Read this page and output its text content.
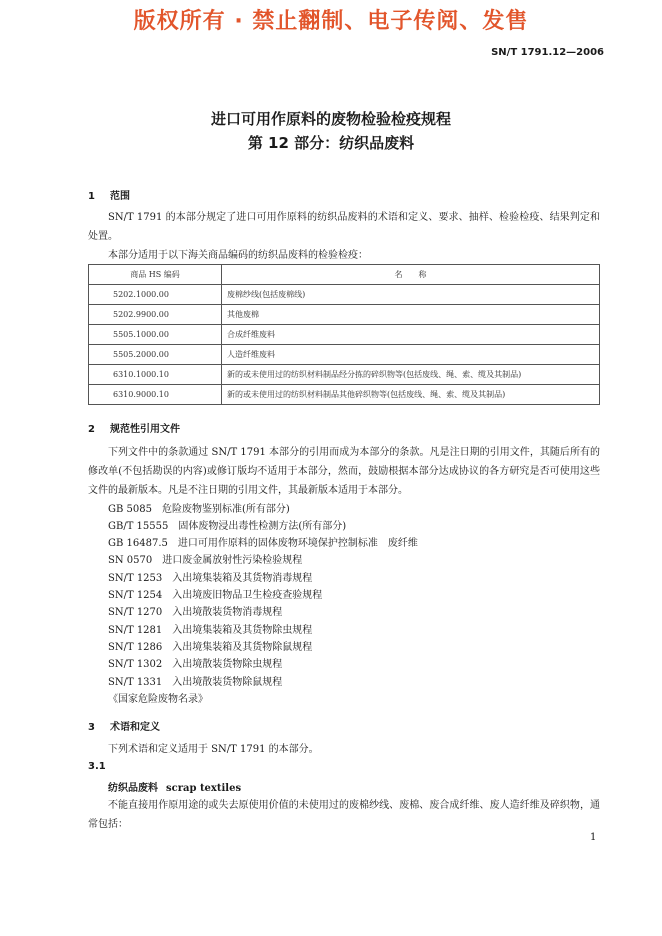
版权所有 · 禁止翻制、电子传阅、发售
SN/T 1791.12—2006
进口可用作原料的废物检验检疫规程
第 12 部分：纺织品废料
1 范围

SN/T 1791 的本部分规定了进口可用作原料的纺织品废料的术语和定义、要求、抽样、检验检疫、结果判定和处置。

本部分适用于以下海关商品编码的纺织品废料的检验检疫：

商品 HS 编码	名　　称
5202.1000.00	废棉纱线(包括废棉线)
5202.9900.00	其他废棉
5505.1000.00	合成纤维废料
5505.2000.00	人造纤维废料
6310.1000.10	新的或未使用过的纺织材料制品经分拣的碎织物等(包括废线、绳、索、缆及其制品)
6310.9000.10	新的或未使用过的纺织材料制品其他碎织物等(包括废线、绳、索、缆及其制品)
2 规范性引用文件

下列文件中的条款通过 SN/T 1791 本部分的引用而成为本部分的条款。凡是注日期的引用文件，其随后所有的修改单(不包括勘误的内容)或修订版均不适用于本部分，然而，鼓励根据本部分达成协议的各方研究是否可使用这些文件的最新版本。凡是不注日期的引用文件，其最新版本适用于本部分。

GB 5085　危险废物鉴别标准(所有部分)
GB/T 15555　固体废物浸出毒性检测方法(所有部分)
GB 16487.5　进口可用作原料的固体废物环境保护控制标准　废纤维
SN 0570　进口废金属放射性污染检验规程
SN/T 1253　入出境集装箱及其货物消毒规程
SN/T 1254　入出境废旧物品卫生检疫查验规程
SN/T 1270　入出境散装货物消毒规程
SN/T 1281　入出境集装箱及其货物除虫规程
SN/T 1286　入出境集装箱及其货物除鼠规程
SN/T 1302　入出境散装货物除虫规程
SN/T 1331　入出境散装货物除鼠规程
《国家危险废物名录》
3 术语和定义

下列术语和定义适用于 SN/T 1791 的本部分。

3.1
纺织品废料 scrap textiles

不能直接用作原用途的或失去原使用价值的未使用过的废棉纱线、废棉、废合成纤维、废人造纤维及碎织物，通常包括：

1
